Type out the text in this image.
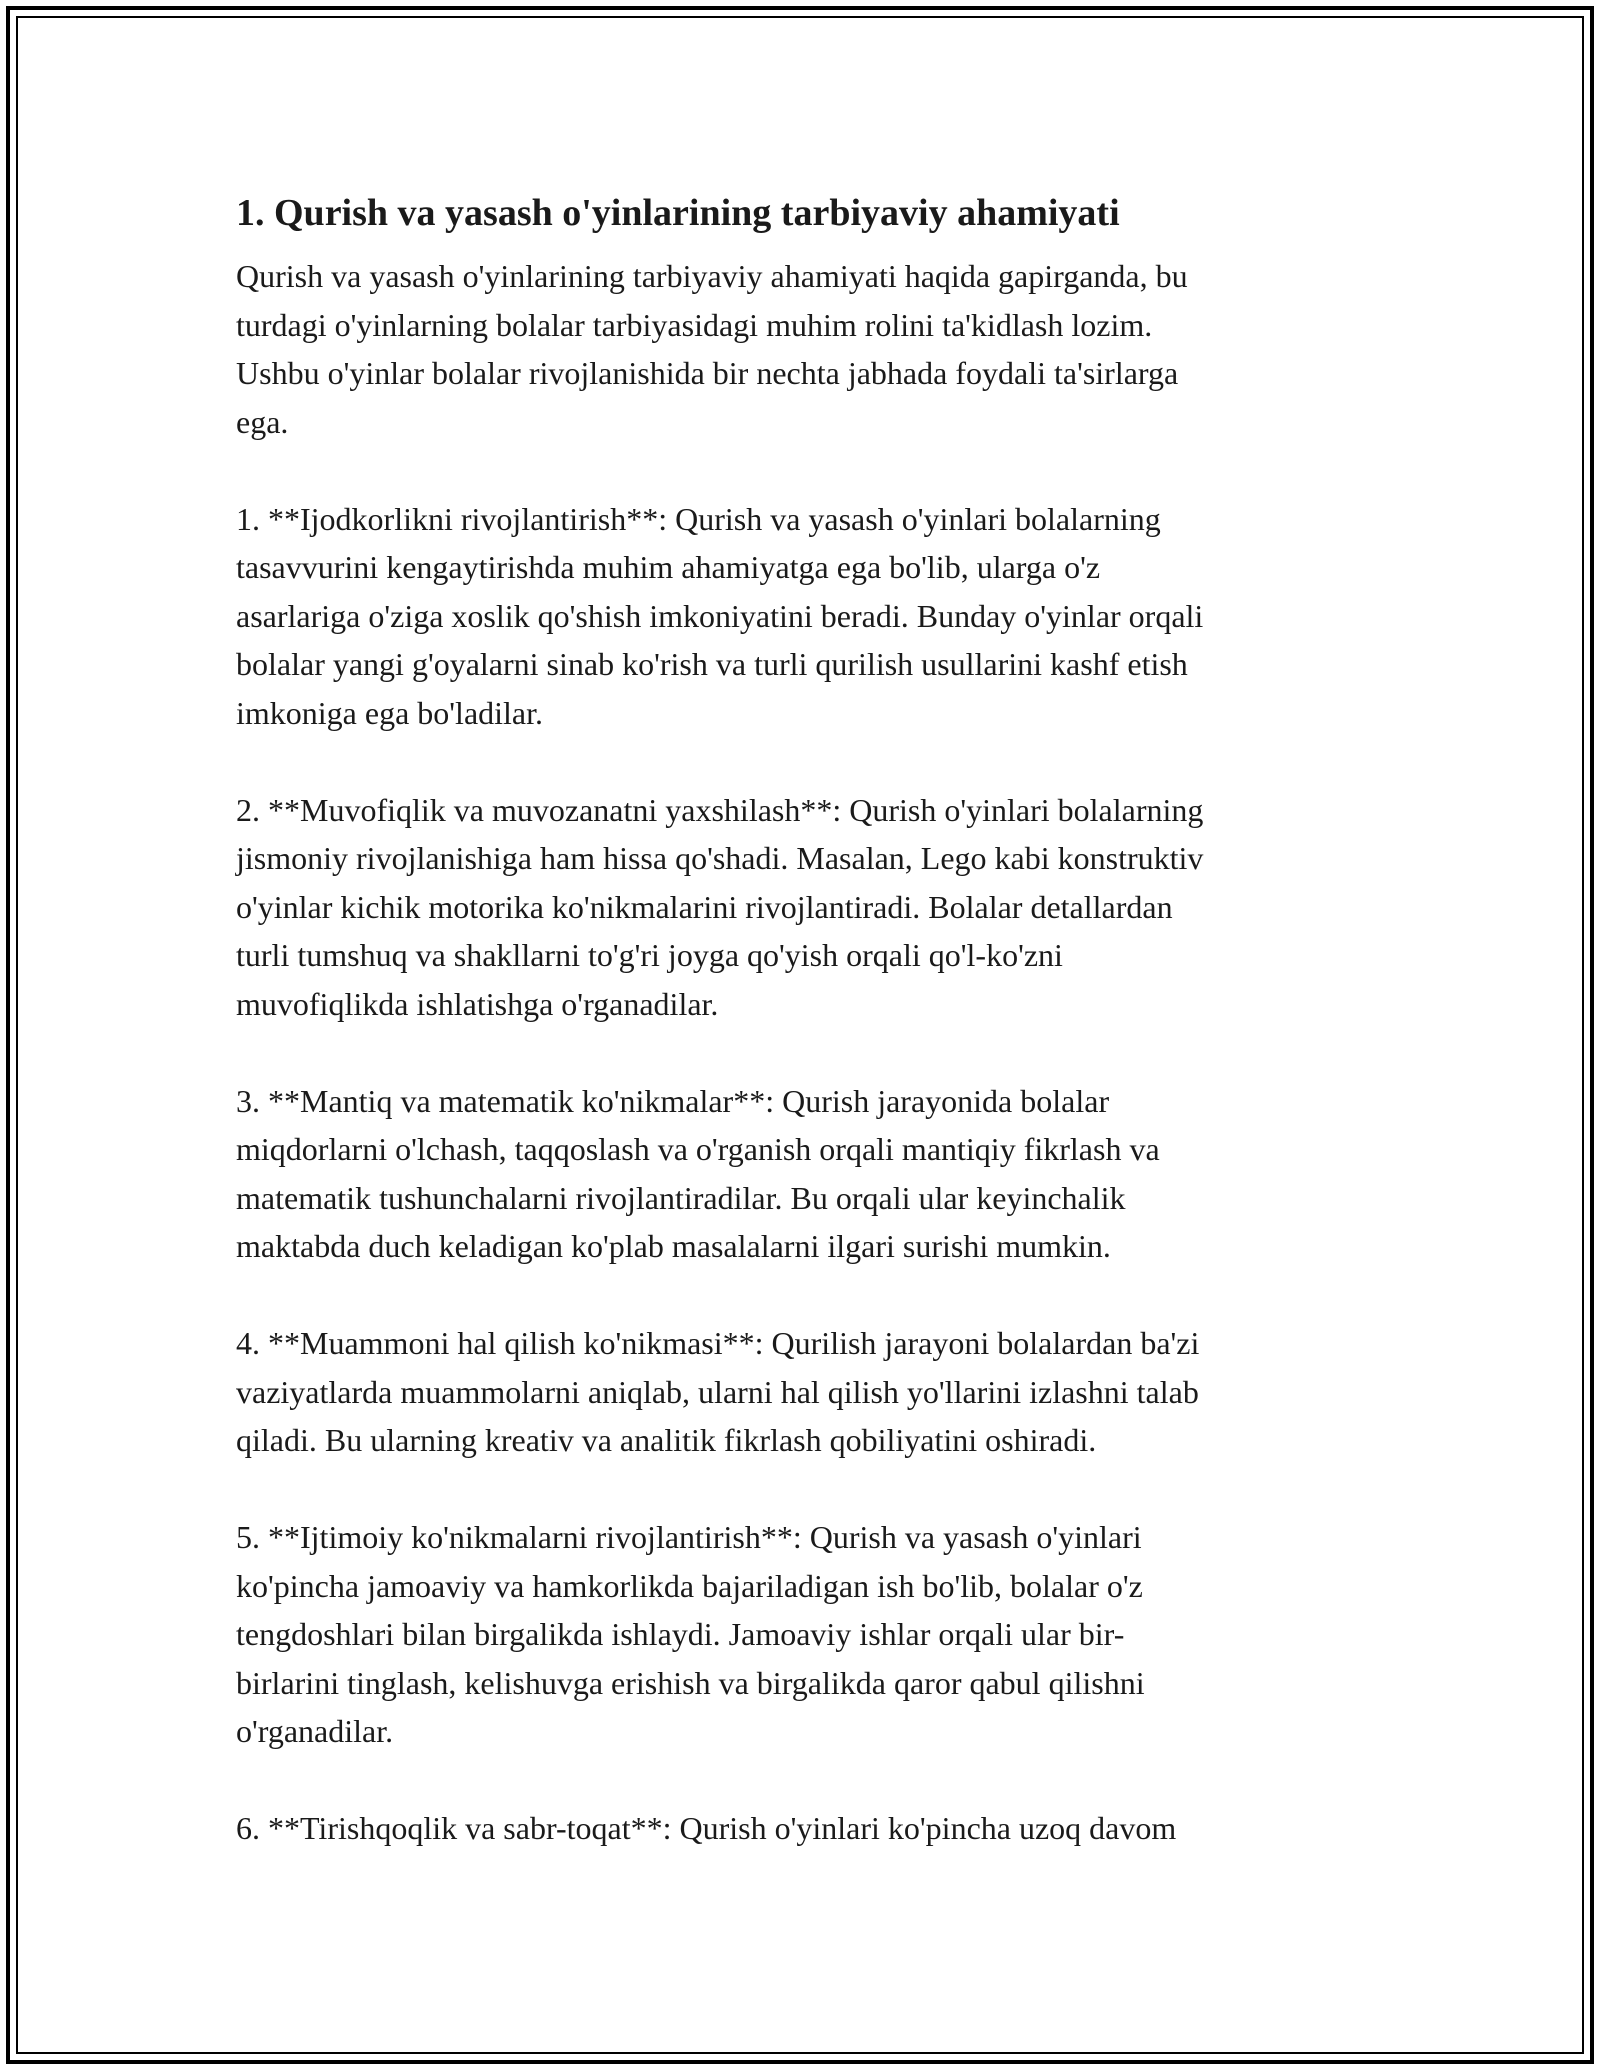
1. Qurish va yasash o'yinlarining tarbiyaviy ahamiyati

Qurish va yasash o'yinlarining tarbiyaviy ahamiyati haqida gapirganda, bu
turdagi o'yinlarning bolalar tarbiyasidagi muhim rolini ta'kidlash lozim.
Ushbu o'yinlar bolalar rivojlanishida bir nechta jabhada foydali ta'sirlarga
ega.

1. **Ijodkorlikni rivojlantirish**: Qurish va yasash o'yinlari bolalarning
tasavvurini kengaytirishda muhim ahamiyatga ega bo'lib, ularga o'z
asarlariga o'ziga xoslik qo'shish imkoniyatini beradi. Bunday o'yinlar orqali
bolalar yangi g'oyalarni sinab ko'rish va turli qurilish usullarini kashf etish
imkoniga ega bo'ladilar.

2. **Muvofiqlik va muvozanatni yaxshilash**: Qurish o'yinlari bolalarning
jismoniy rivojlanishiga ham hissa qo'shadi. Masalan, Lego kabi konstruktiv
o'yinlar kichik motorika ko'nikmalarini rivojlantiradi. Bolalar detallardan
turli tumshuq va shakllarni to'g'ri joyga qo'yish orqali qo'l-ko'zni
muvofiqlikda ishlatishga o'rganadilar.

3. **Mantiq va matematik ko'nikmalar**: Qurish jarayonida bolalar
miqdorlarni o'lchash, taqqoslash va o'rganish orqali mantiqiy fikrlash va
matematik tushunchalarni rivojlantiradilar. Bu orqali ular keyinchalik
maktabda duch keladigan ko'plab masalalarni ilgari surishi mumkin.

4. **Muammoni hal qilish ko'nikmasi**: Qurilish jarayoni bolalardan ba'zi
vaziyatlarda muammolarni aniqlab, ularni hal qilish yo'llarini izlashni talab
qiladi. Bu ularning kreativ va analitik fikrlash qobiliyatini oshiradi.

5. **Ijtimoiy ko'nikmalarni rivojlantirish**: Qurish va yasash o'yinlari
ko'pincha jamoaviy va hamkorlikda bajariladigan ish bo'lib, bolalar o'z
tengdoshlari bilan birgalikda ishlaydi. Jamoaviy ishlar orqali ular bir-
birlarini tinglash, kelishuvga erishish va birgalikda qaror qabul qilishni
o'rganadilar.

6. **Tirishqoqlik va sabr-toqat**: Qurish o'yinlari ko'pincha uzoq davom
